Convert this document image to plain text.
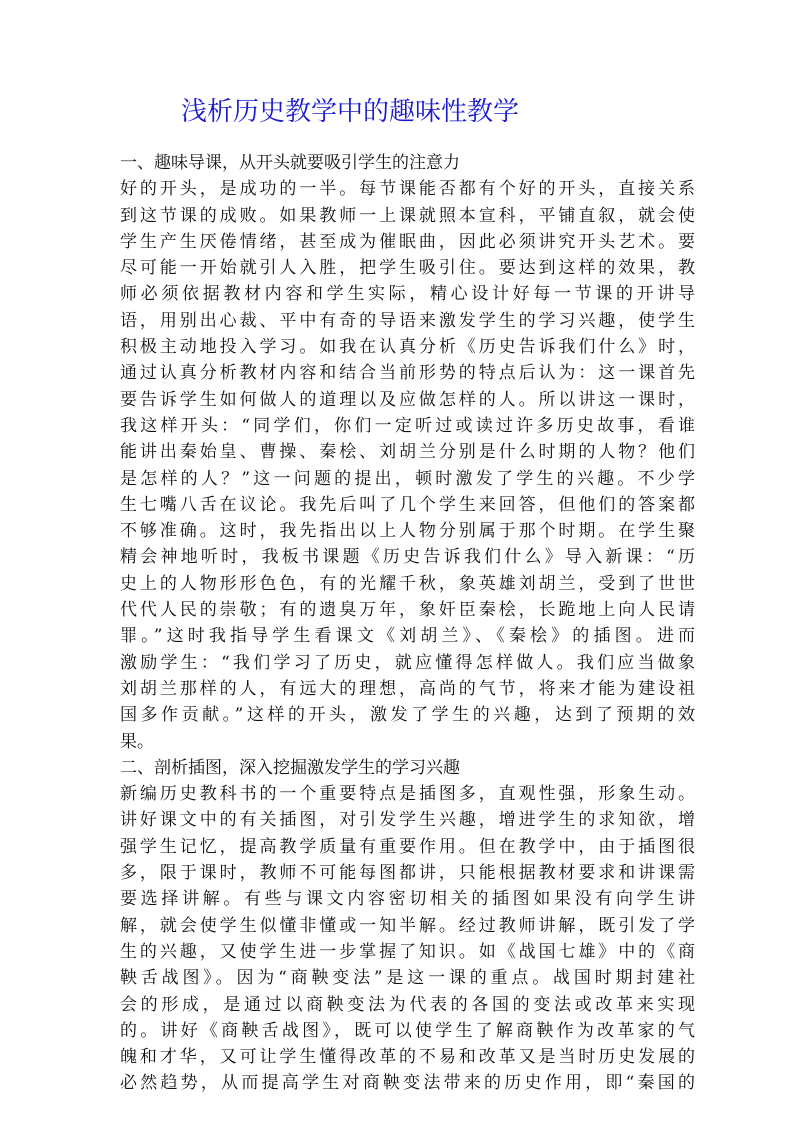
浅析历史教学中的趣味性教学
一、趣味导课，从开头就要吸引学生的注意力
好的开头，是成功的一半。每节课能否都有个好的开头，直接关系
到这节课的成败。如果教师一上课就照本宣科，平铺直叙，就会使
学生产生厌倦情绪，甚至成为催眠曲，因此必须讲究开头艺术。要
尽可能一开始就引人入胜，把学生吸引住。要达到这样的效果，教
师必须依据教材内容和学生实际，精心设计好每一节课的开讲导
语，用别出心裁、平中有奇的导语来激发学生的学习兴趣，使学生
积极主动地投入学习。如我在认真分析《历史告诉我们什么》时，
通过认真分析教材内容和结合当前形势的特点后认为：这一课首先
要告诉学生如何做人的道理以及应做怎样的人。所以讲这一课时，
我这样开头：“同学们，你们一定听过或读过许多历史故事，看谁
能讲出秦始皇、曹操、秦桧、刘胡兰分别是什么时期的人物？他们
是怎样的人？”这一问题的提出，顿时激发了学生的兴趣。不少学
生七嘴八舌在议论。我先后叫了几个学生来回答，但他们的答案都
不够准确。这时，我先指出以上人物分别属于那个时期。在学生聚
精会神地听时，我板书课题《历史告诉我们什么》导入新课：“历
史上的人物形形色色，有的光耀千秋，象英雄刘胡兰，受到了世世
代代人民的崇敬；有的遗臭万年，象奸臣秦桧，长跪地上向人民请
罪。”这时我指导学生看课文《刘胡兰》、《秦桧》的插图。进而
激励学生：“我们学习了历史，就应懂得怎样做人。我们应当做象
刘胡兰那样的人，有远大的理想，高尚的气节，将来才能为建设祖
国多作贡献。”这样的开头，激发了学生的兴趣，达到了预期的效
果。
二、剖析插图，深入挖掘激发学生的学习兴趣
新编历史教科书的一个重要特点是插图多，直观性强，形象生动。
讲好课文中的有关插图，对引发学生兴趣，增进学生的求知欲，增
强学生记忆，提高教学质量有重要作用。但在教学中，由于插图很
多，限于课时，教师不可能每图都讲，只能根据教材要求和讲课需
要选择讲解。有些与课文内容密切相关的插图如果没有向学生讲
解，就会使学生似懂非懂或一知半解。经过教师讲解，既引发了学
生的兴趣，又使学生进一步掌握了知识。如《战国七雄》中的《商
鞅舌战图》。因为“商鞅变法”是这一课的重点。战国时期封建社
会的形成，是通过以商鞅变法为代表的各国的变法或改革来实现
的。讲好《商鞅舌战图》，既可以使学生了解商鞅作为改革家的气
魄和才华，又可让学生懂得改革的不易和改革又是当时历史发展的
必然趋势，从而提高学生对商鞅变法带来的历史作用，即“秦国的
